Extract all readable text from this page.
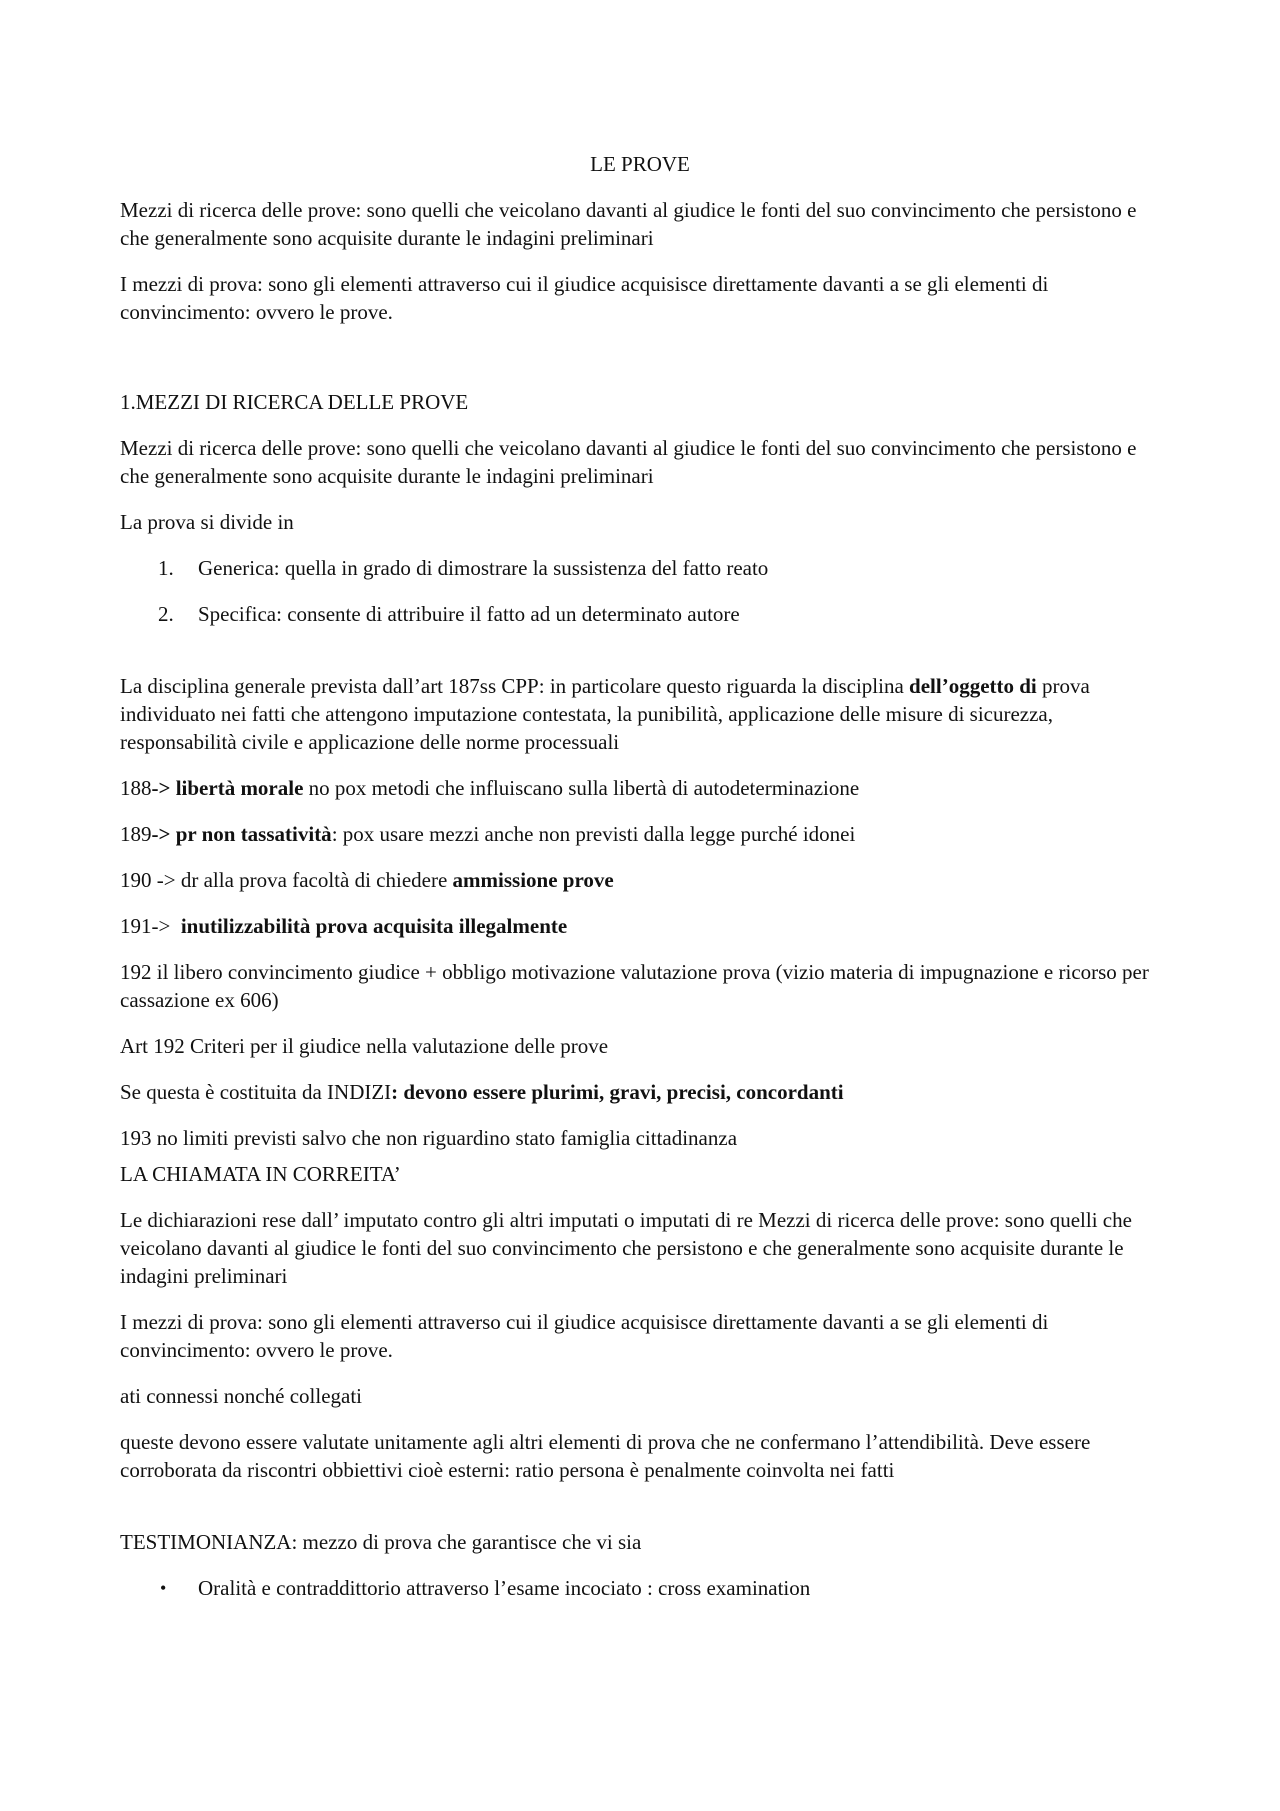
LE PROVE

Mezzi di ricerca delle prove: sono quelli che veicolano davanti al giudice le fonti del suo convincimento che persistono e che generalmente sono acquisite durante le indagini preliminari

I mezzi di prova: sono gli elementi attraverso cui il giudice acquisisce direttamente davanti a se gli elementi di convincimento: ovvero le prove.

1.MEZZI DI RICERCA DELLE PROVE

Mezzi di ricerca delle prove: sono quelli che veicolano davanti al giudice le fonti del suo convincimento che persistono e che generalmente sono acquisite durante le indagini preliminari

La prova si divide in

1. Generica: quella in grado di dimostrare la sussistenza del fatto reato
2. Specifica: consente di attribuire il fatto ad un determinato autore

La disciplina generale prevista dall’art 187ss CPP: in particolare questo riguarda la disciplina dell’oggetto di prova individuato nei fatti che attengono imputazione contestata, la punibilità, applicazione delle misure di sicurezza, responsabilità civile e applicazione delle norme processuali

188-> libertà morale no pox metodi che influiscano sulla libertà di autodeterminazione

189-> pr non tassatività: pox usare mezzi anche non previsti dalla legge purché idonei

190 -> dr alla prova facoltà di chiedere ammissione prove

191->  inutilizzabilità prova acquisita illegalmente

192 il libero convincimento giudice + obbligo motivazione valutazione prova (vizio materia di impugnazione e ricorso per cassazione ex 606)

Art 192 Criteri per il giudice nella valutazione delle prove

Se questa è costituita da INDIZI: devono essere plurimi, gravi, precisi, concordanti

193 no limiti previsti salvo che non riguardino stato famiglia cittadinanza

LA CHIAMATA IN CORREITA’

Le dichiarazioni rese dall’ imputato contro gli altri imputati o imputati di re Mezzi di ricerca delle prove: sono quelli che veicolano davanti al giudice le fonti del suo convincimento che persistono e che generalmente sono acquisite durante le indagini preliminari

I mezzi di prova: sono gli elementi attraverso cui il giudice acquisisce direttamente davanti a se gli elementi di convincimento: ovvero le prove.

ati connessi nonché collegati

queste devono essere valutate unitamente agli altri elementi di prova che ne confermano l’attendibilità. Deve essere corroborata da riscontri obbiettivi cioè esterni: ratio persona è penalmente coinvolta nei fatti

TESTIMONIANZA: mezzo di prova che garantisce che vi sia

• Oralità e contraddittorio attraverso l’esame incociato : cross examination
